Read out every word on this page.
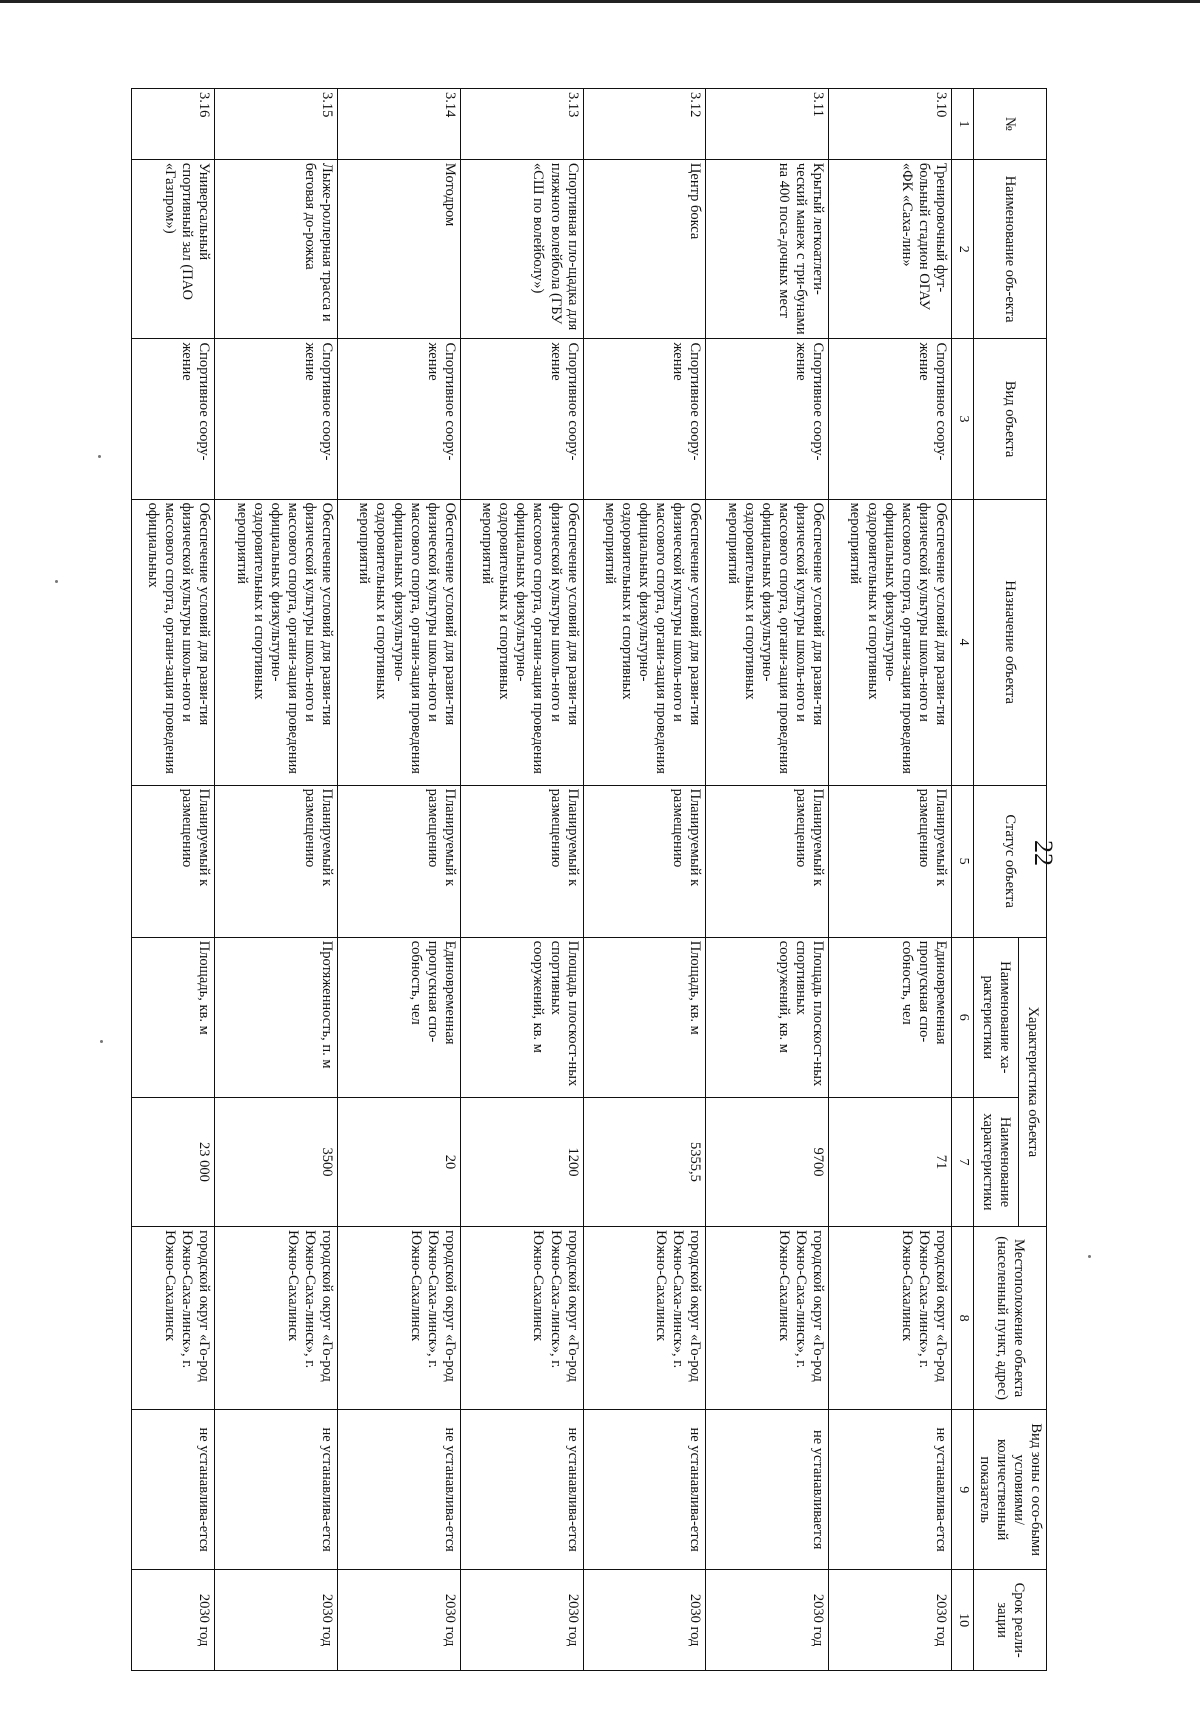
22
№	Наименование объ-екта	Вид объекта	Назначение объекта	Статус объекта	Характеристика объекта		Местоположение объекта (населенный пункт, адрес)	Вид зоны с осо-быми условиями/ количественный показатель	Срок реали-зации
					Наименование ха-рактеристики	Наименование характеристики			
1	2	3	4	5	6	7	8	9	10
3.10	Тренировочный фут-больный стадион ОГАУ «ФК «Саха-лин»	Спортивное соору-жение	Обеспечение условий для разви-тия физической культуры школь-ного и массового спорта, органи-зация проведения официальных физкультурно-оздоровительных и спортивных мероприятий	Планируемый к размещению	Единовременная пропускная спо-собность, чел	71	городской округ «Го-род Южно-Саха-линск», г. Южно-Сахалинск	не устанавлива-ется	2030 год
3.11	Крытый легкоатлети-ческий манеж с три-бунами на 400 поса-дочных мест	Спортивное соору-жение	Обеспечение условий для разви-тия физической культуры школь-ного и массового спорта, органи-зация проведения официальных физкультурно-оздоровительных и спортивных мероприятий	Планируемый к размещению	Площадь плоскост-ных спортивных сооружений, кв. м	9700	городской округ «Го-род Южно-Саха-линск», г. Южно-Сахалинск	не устанавливается	2030 год
3.12	Центр бокса	Спортивное соору-жение	Обеспечение условий для разви-тия физической культуры школь-ного и массового спорта, органи-зация проведения официальных физкультурно-оздоровительных и спортивных мероприятий	Планируемый к размещению	Площадь, кв. м	5355,5	городской округ «Го-род Южно-Саха-линск», г. Южно-Сахалинск	не устанавлива-ется	2030 год
3.13	Спортивная пло-щадка для пляжного волейбола (ГБУ «СШ по волейболу»)	Спортивное соору-жение	Обеспечение условий для разви-тия физической культуры школь-ного и массового спорта, органи-зация проведения официальных физкультурно-оздоровительных и спортивных мероприятий	Планируемый к размещению	Площадь плоскост-ных спортивных сооружений, кв. м	1200	городской округ «Го-род Южно-Саха-линск», г. Южно-Сахалинск	не устанавлива-ется	2030 год
3.14	Мотодром	Спортивное соору-жение	Обеспечение условий для разви-тия физической культуры школь-ного и массового спорта, органи-зация проведения официальных физкультурно-оздоровительных и спортивных мероприятий	Планируемый к размещению	Единовременная пропускная спо-собность, чел	20	городской округ «Го-род Южно-Саха-линск», г. Южно-Сахалинск	не устанавлива-ется	2030 год
3.15	Лыже-роллерная трасса и беговая до-рожка	Спортивное соору-жение	Обеспечение условий для разви-тия физической культуры школь-ного и массового спорта, органи-зация проведения официальных физкультурно-оздоровительных и спортивных мероприятий	Планируемый к размещению	Протяженность, п. м	3500	городской округ «Го-род Южно-Саха-линск», г. Южно-Сахалинск	не устанавлива-ется	2030 год
3.16	Универсальный спортивный зал (ПАО «Газпром»)	Спортивное соору-жение	Обеспечение условий для разви-тия физической культуры школь-ного и массового спорта, органи-зация проведения официальных	Планируемый к размещению	Площадь, кв. м	23 000	городской округ «Го-род Южно-Саха-линск», г. Южно-Сахалинск	не устанавлива-ется	2030 год
